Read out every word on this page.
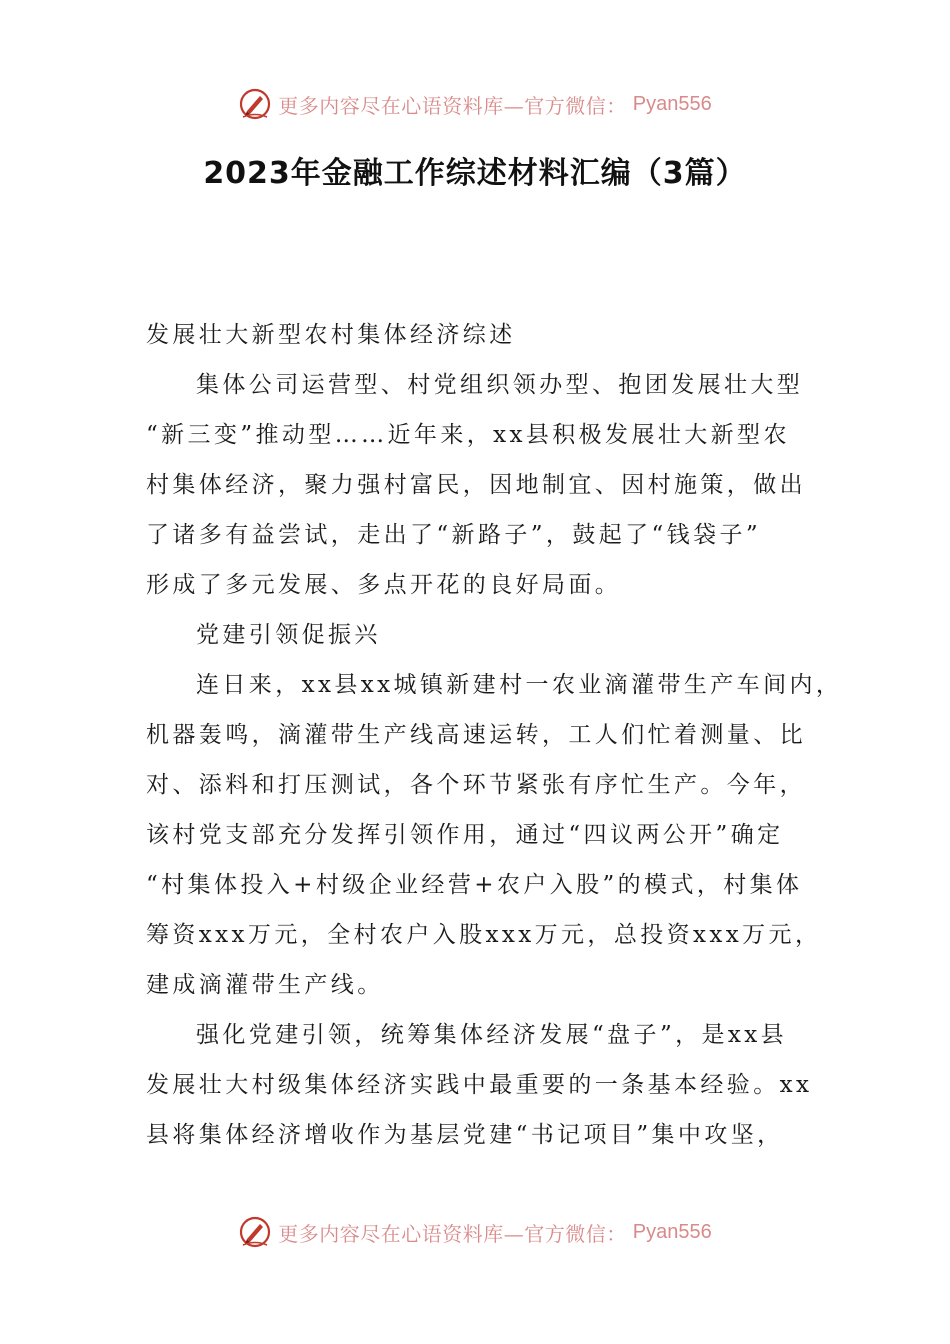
更多内容尽在心语资料库—官方微信： Pyan556
2023年金融工作综述材料汇编（3篇）
发展壮大新型农村集体经济综述
集体公司运营型、村党组织领办型、抱团发展壮大型
“新三变”推动型……近年来，xx县积极发展壮大新型农
村集体经济，聚力强村富民，因地制宜、因村施策，做出
了诸多有益尝试，走出了“新路子”，鼓起了“钱袋子”
形成了多元发展、多点开花的良好局面。
党建引领促振兴
连日来，xx县xx城镇新建村一农业滴灌带生产车间内，
机器轰鸣，滴灌带生产线高速运转，工人们忙着测量、比
对、添料和打压测试，各个环节紧张有序忙生产。今年，
该村党支部充分发挥引领作用，通过“四议两公开”确定
“村集体投入+村级企业经营+农户入股”的模式，村集体
筹资xxx万元，全村农户入股xxx万元，总投资xxx万元，
建成滴灌带生产线。
强化党建引领，统筹集体经济发展“盘子”，是xx县
发展壮大村级集体经济实践中最重要的一条基本经验。xx
县将集体经济增收作为基层党建“书记项目”集中攻坚，
更多内容尽在心语资料库—官方微信： Pyan556
